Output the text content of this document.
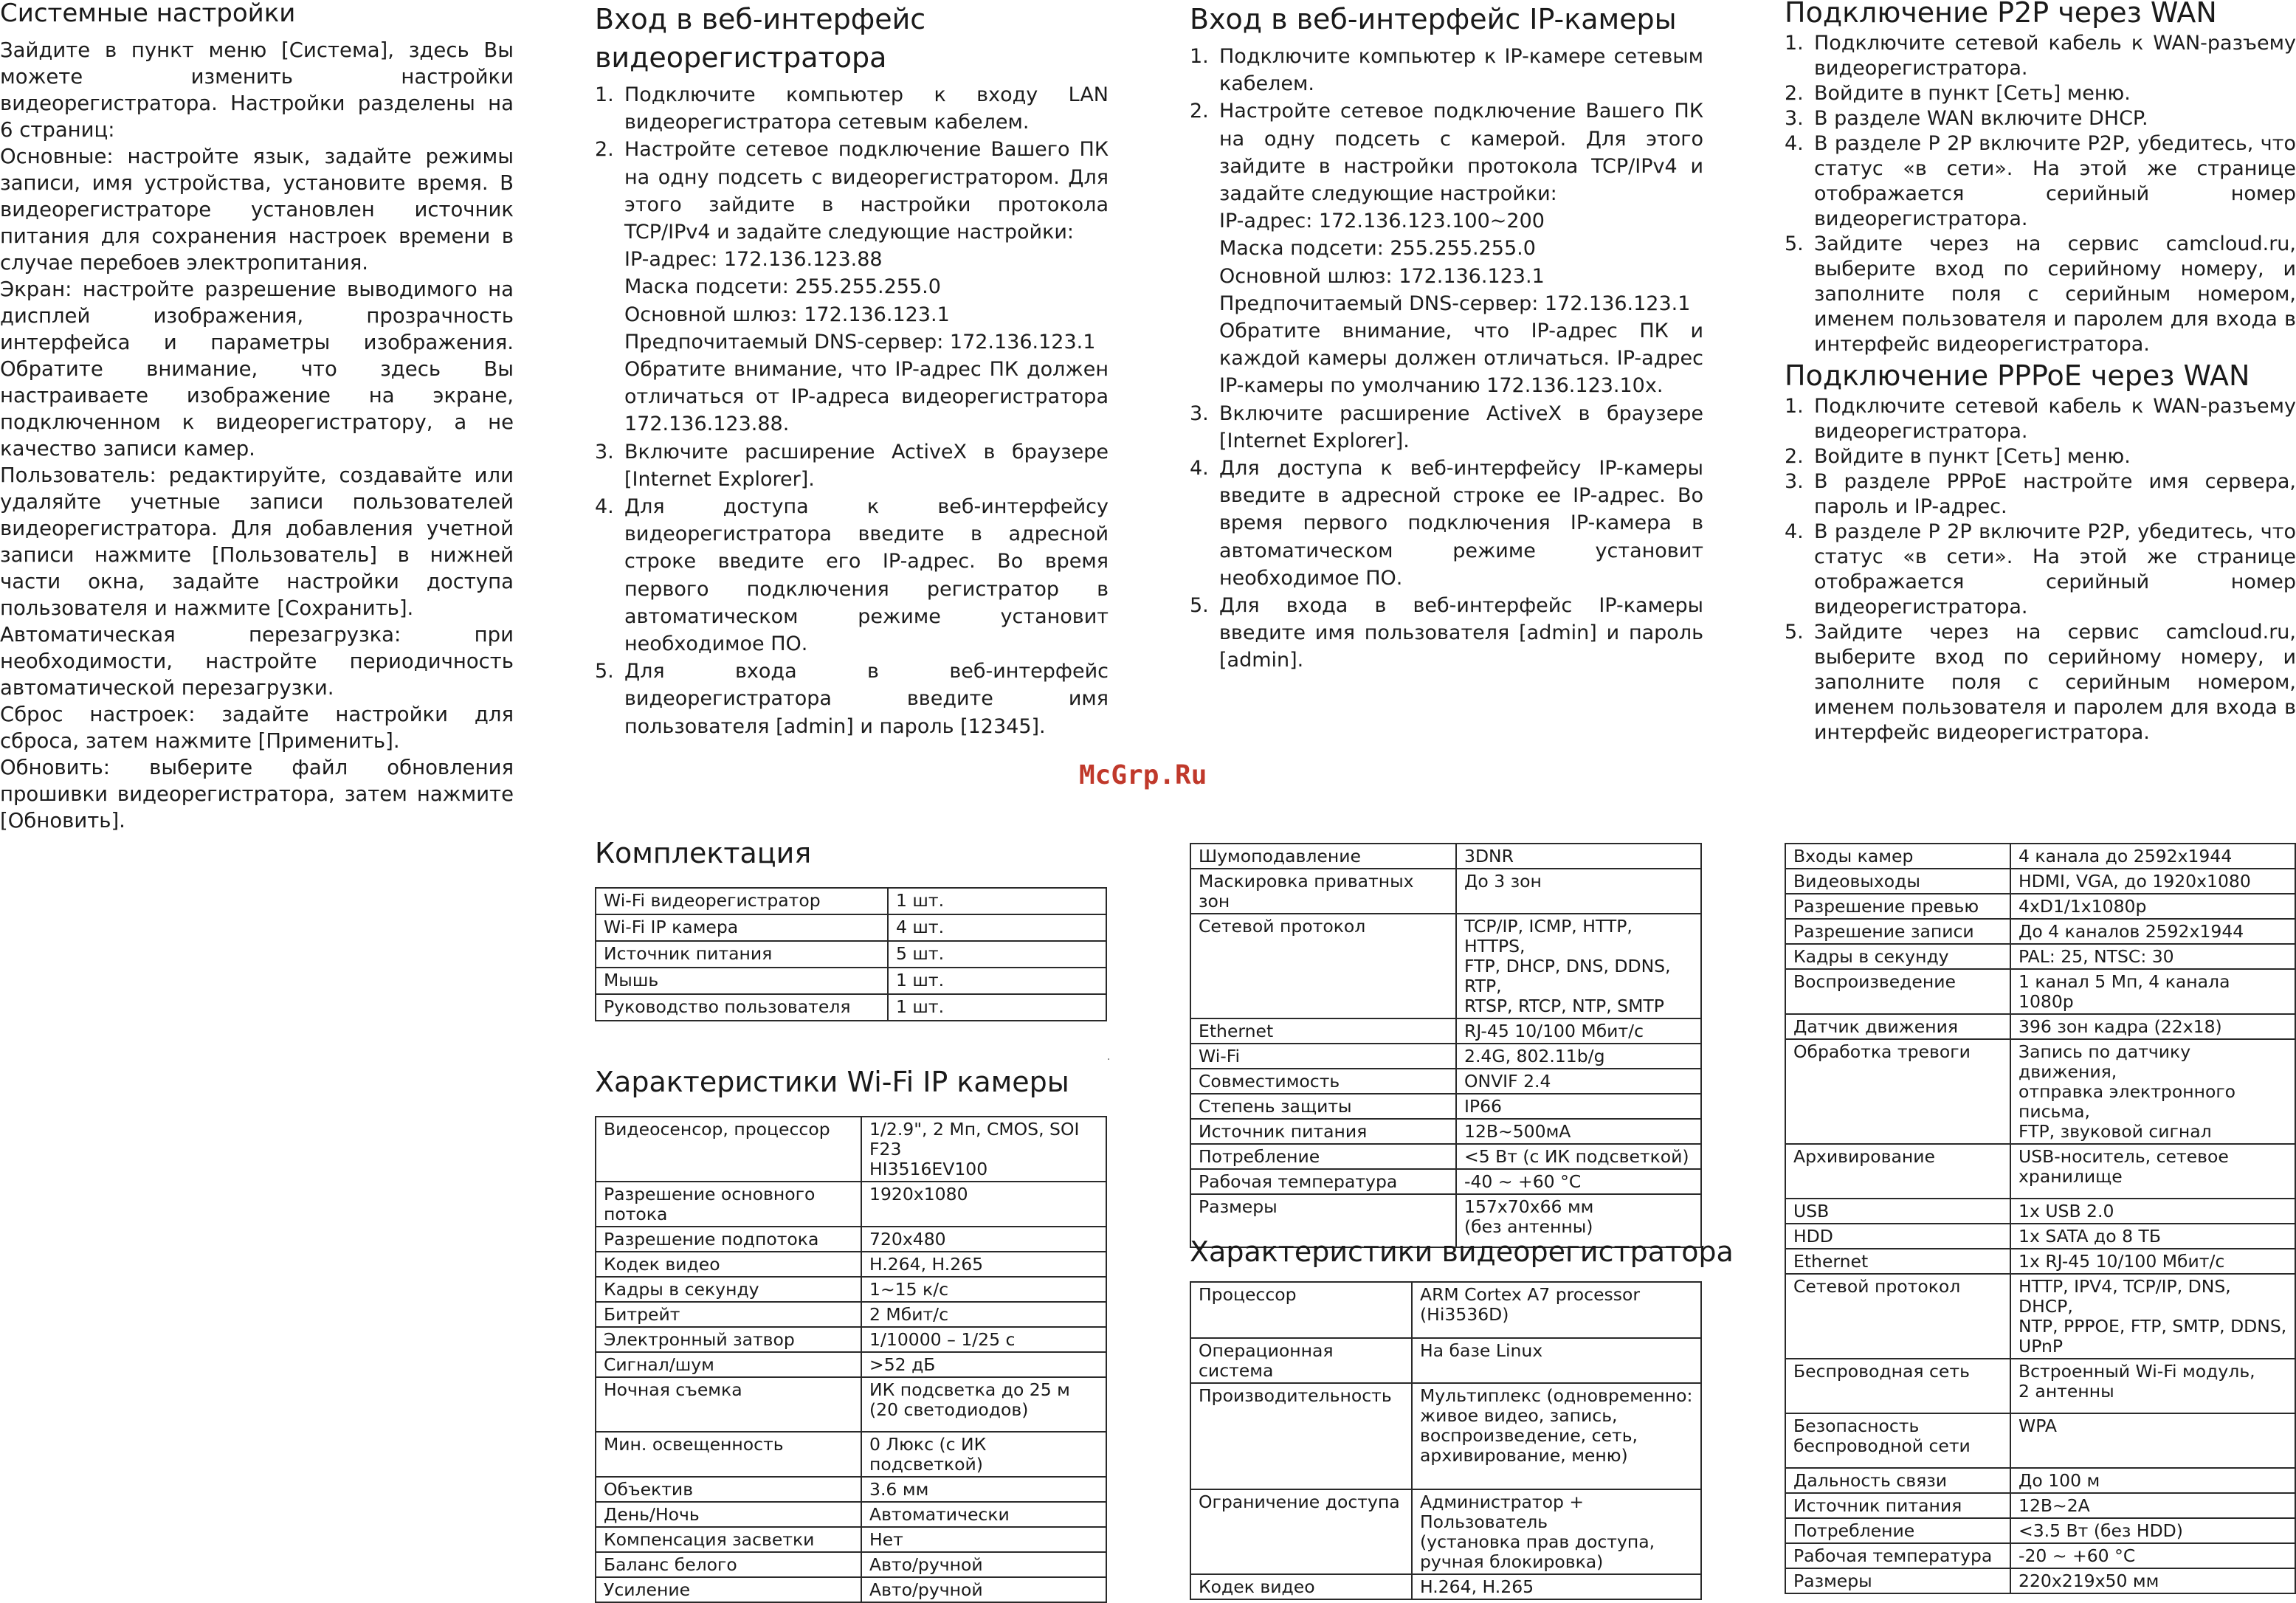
Системные настройки

Зайдите в пункт меню [Система], здесь Вы можете изменить настройки видеорегистратора. Настройки разделены на 6 страниц:

Основные: настройте язык, задайте режимы записи, имя устройства, установите время. В видеорегистраторе установлен источник питания для сохранения настроек времени в случае перебоев электропитания.

Экран: настройте разрешение выводимого на дисплей изображения, прозрачность интерфейса и параметры изображения. Обратите внимание, что здесь Вы настраиваете изображение на экране, подключенном к видеорегистратору, а не качество записи камер.

Пользователь: редактируйте, создавайте или удаляйте учетные записи пользователей видеорегистратора. Для добавления учетной записи нажмите [Пользователь] в нижней части окна, задайте настройки доступа пользователя и нажмите [Сохранить].

Автоматическая перезагрузка: при необходимости, настройте периодичность автоматической перезагрузки.

Сброс настроек: задайте настройки для сброса, затем нажмите [Применить].

Обновить: выберите файл обновления прошивки видеорегистратора, затем нажмите [Обновить].

Вход в веб-интерфейс видеорегистратора
1. Подключите компьютер к входу LAN видеорегистратора сетевым кабелем.
2. Настройте сетевое подключение Вашего ПК на одну подсеть с видеорегистратором. Для этого зайдите в настройки протокола TCP/IPv4 и задайте следующие настройки:
IP-адрес: 172.136.123.88
Маска подсети: 255.255.255.0
Основной шлюз: 172.136.123.1
Предпочитаемый DNS-сервер: 172.136.123.1
Обратите внимание, что IP-адрес ПК должен отличаться от IP-адреса видеорегистратора 172.136.123.88.
3. Включите расширение ActiveX в браузере [Internet Explorer].
4. Для доступа к веб-интерфейсу видеорегистратора введите в адресной строке введите его IP-адрес. Во время первого подключения регистратор в автоматическом режиме установит необходимое ПО.
5. Для входа в веб-интерфейс видеорегистратора введите имя пользователя [admin] и пароль [12345].
Вход в веб-интерфейс IP-камеры
1. Подключите компьютер к IP-камере сетевым кабелем.
2. Настройте сетевое подключение Вашего ПК на одну подсеть с камерой. Для этого зайдите в настройки протокола TCP/IPv4 и задайте следующие настройки:
IP-адрес: 172.136.123.100~200
Маска подсети: 255.255.255.0
Основной шлюз: 172.136.123.1
Предпочитаемый DNS-сервер: 172.136.123.1
Обратите внимание, что IP-адрес ПК и каждой камеры должен отличаться. IP-адрес IP-камеры по умолчанию 172.136.123.10x.
3. Включите расширение ActiveX в браузере [Internet Explorer].
4. Для доступа к веб-интерфейсу IP-камеры введите в адресной строке ее IP-адрес. Во время первого подключения IP-камера в автоматическом режиме установит необходимое ПО.
5. Для входа в веб-интерфейс IP-камеры введите имя пользователя [admin] и пароль [admin].
Подключение P2P через WAN
1. Подключите сетевой кабель к WAN-разъему видеорегистратора.
2. Войдите в пункт [Сеть] меню.
3. В разделе WAN включите DHCP.
4. В разделе P 2P включите P2P, убедитесь, что статус «в сети». На этой же странице отображается серийный номер видеорегистратора.
5. Зайдите через на сервис camcloud.ru, выберите вход по серийному номеру, и заполните поля с серийным номером, именем пользователя и паролем для входа в интерфейс видеорегистратора.
Подключение PPPoE через WAN
1. Подключите сетевой кабель к WAN-разъему видеорегистратора.
2. Войдите в пункт [Сеть] меню.
3. В разделе PPPoE настройте имя сервера, пароль и IP-адрес.
4. В разделе P 2P включите P2P, убедитесь, что статус «в сети». На этой же странице отображается серийный номер видеорегистратора.
5. Зайдите через на сервис camcloud.ru, выберите вход по серийному номеру, и заполните поля с серийным номером, именем пользователя и паролем для входа в интерфейс видеорегистратора.
McGrp.Ru
Комплектация
Wi-Fi видеорегистратор	1 шт.
Wi-Fi IP камера	4 шт.
Источник питания	5 шт.
Мышь	1 шт.
Руководство пользователя	1 шт.
.
Характеристики Wi-Fi IP камеры
Видеосенсор, процессор	1/2.9", 2 Мп, CMOS, SOI F23
HI3516EV100
Разрешение основного потока	1920x1080
Разрешение подпотока	720x480
Кодек видео	H.264, H.265
Кадры в секунду	1~15 к/с
Битрейт	2 Мбит/с
Электронный затвор	1/10000 – 1/25 с
Сигнал/шум	>52 дБ
Ночная съемка	ИК подсветка до 25 м
(20 светодиодов)
Мин. освещенность	0 Люкс (с ИК подсветкой)
Объектив	3.6 мм
День/Ночь	Автоматически
Компенсация засветки	Нет
Баланс белого	Авто/ручной
Усиление	Авто/ручной
Шумоподавление	3DNR
Маскировка приватных зон	До 3 зон
Сетевой протокол	TCP/IP, ICMP, HTTP, HTTPS,
FTP, DHCP, DNS, DDNS, RTP,
RTSP, RTCP, NTP, SMTP
Ethernet	RJ-45 10/100 Мбит/с
Wi-Fi	2.4G, 802.11b/g
Совместимость	ONVIF 2.4
Степень защиты	IP66
Источник питания	12В~500мА
Потребление	<5 Вт (с ИК подсветкой)
Рабочая температура	-40 ~ +60 °С
Размеры	157х70х66 мм
(без антенны)
Характеристики видеорегистратора
Процессор	ARM Cortex A7 processor
(Hi3536D)
Операционная система	На базе Linux
Производительность	Мультиплекс (одновременно:
живое видео, запись,
воспроизведение, сеть,
архивирование, меню)
Ограничение доступа	Администратор + Пользователь
(установка прав доступа,
ручная блокировка)
Кодек видео	H.264, H.265
Входы камер	4 канала до 2592x1944
Видеовыходы	HDMI, VGA, до 1920x1080
Разрешение превью	4xD1/1x1080p
Разрешение записи	До 4 каналов 2592x1944
Кадры в секунду	PAL: 25, NTSC: 30
Воспроизведение	1 канал 5 Мп, 4 канала 1080p
Датчик движения	396 зон кадра (22х18)
Обработка тревоги	Запись по датчику движения,
отправка электронного письма,
FTP, звуковой сигнал
Архивирование	USB-носитель, сетевое
хранилище
USB	1x USB 2.0
HDD	1x SATA до 8 ТБ
Ethernet	1x RJ-45 10/100 Мбит/с
Сетевой протокол	HTTP, IPV4, TCP/IP, DNS, DHCP,
NTP, PPPOE, FTP, SMTP, DDNS,
UPnP
Беспроводная сеть	Встроенный Wi-Fi модуль,
2 антенны
Безопасность
беспроводной сети	WPA
Дальность связи	До 100 м
Источник питания	12В~2А
Потребление	<3.5 Вт (без HDD)
Рабочая температура	-20 ~ +60 °С
Размеры	220x219x50 мм
